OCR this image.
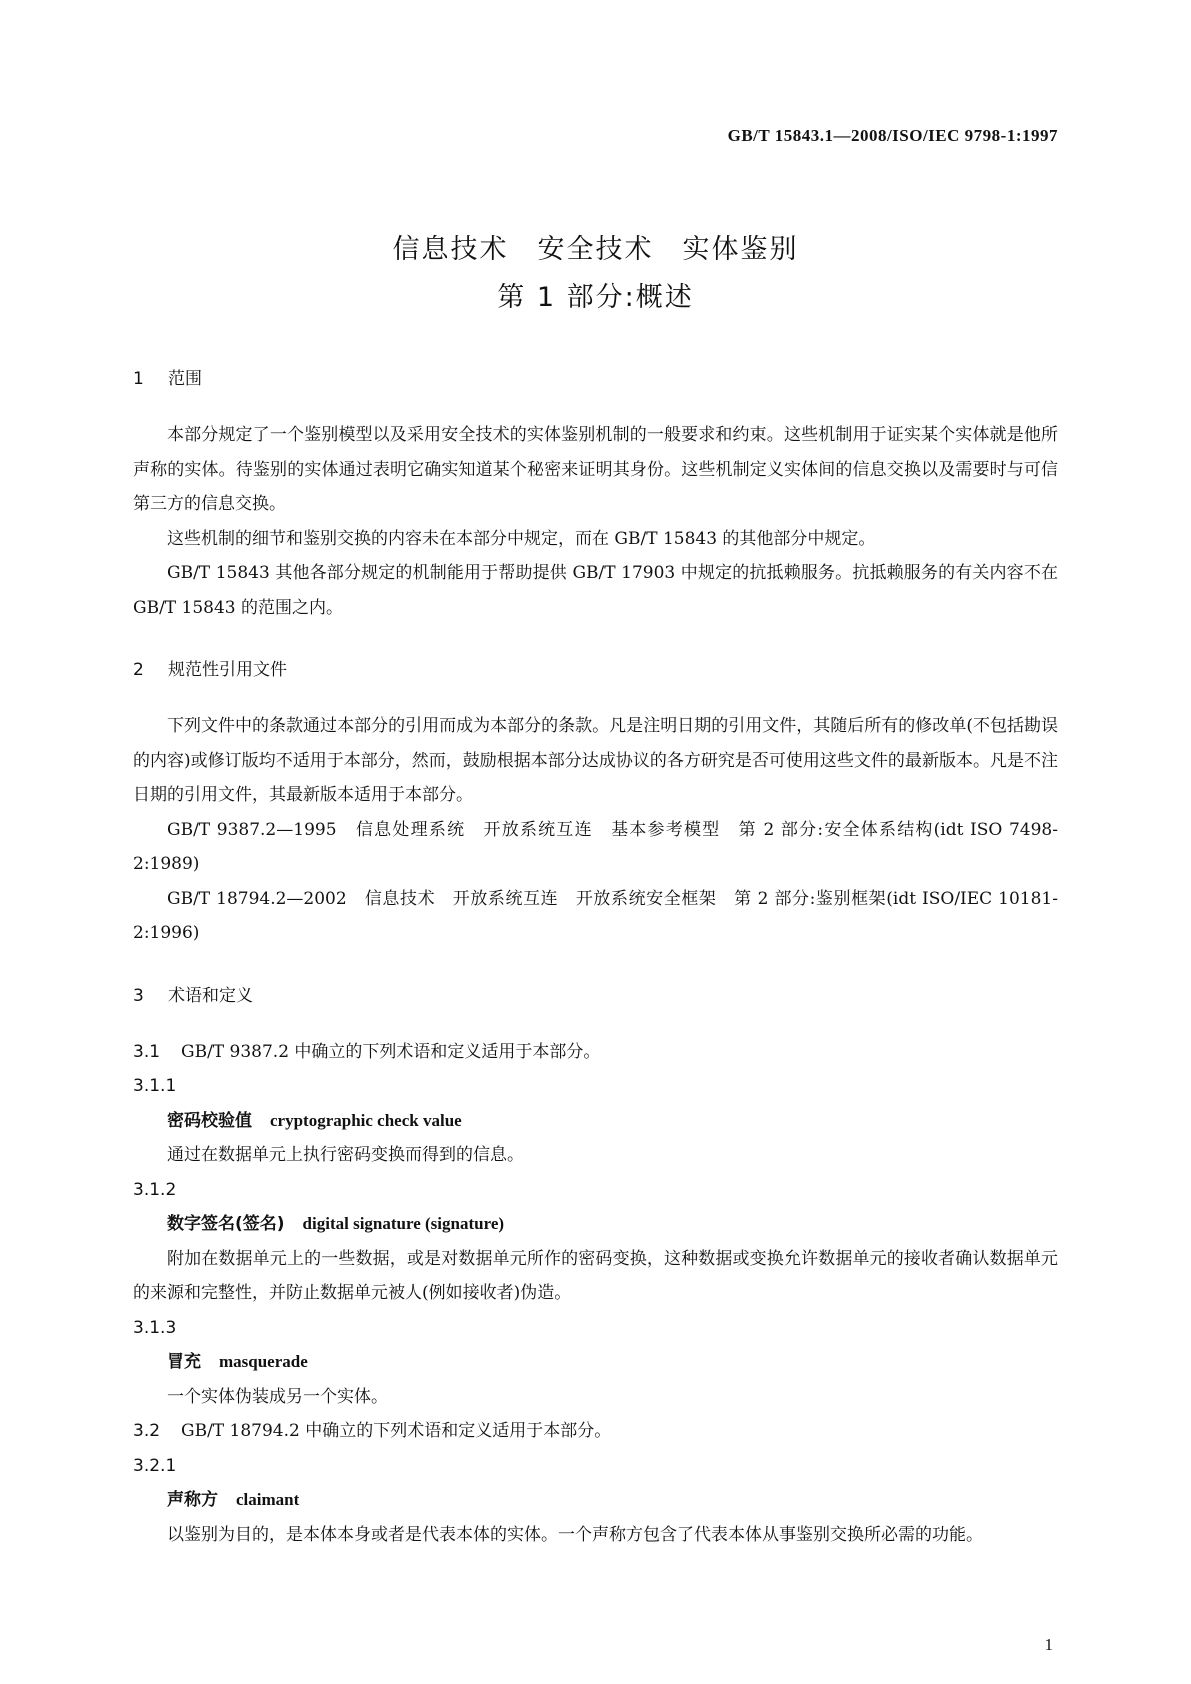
GB/T 15843.1—2008/ISO/IEC 9798-1:1997
信息技术　安全技术　实体鉴别
第 1 部分:概述
1 范围

本部分规定了一个鉴别模型以及采用安全技术的实体鉴别机制的一般要求和约束。这些机制用于证实某个实体就是他所声称的实体。待鉴别的实体通过表明它确实知道某个秘密来证明其身份。这些机制定义实体间的信息交换以及需要时与可信第三方的信息交换。

这些机制的细节和鉴别交换的内容未在本部分中规定，而在 GB/T 15843 的其他部分中规定。

GB/T 15843 其他各部分规定的机制能用于帮助提供 GB/T 17903 中规定的抗抵赖服务。抗抵赖服务的有关内容不在 GB/T 15843 的范围之内。

2 规范性引用文件

下列文件中的条款通过本部分的引用而成为本部分的条款。凡是注明日期的引用文件，其随后所有的修改单(不包括勘误的内容)或修订版均不适用于本部分，然而，鼓励根据本部分达成协议的各方研究是否可使用这些文件的最新版本。凡是不注日期的引用文件，其最新版本适用于本部分。

GB/T 9387.2—1995　信息处理系统　开放系统互连　基本参考模型　第 2 部分:安全体系结构(idt ISO 7498-2:1989)

GB/T 18794.2—2002　信息技术　开放系统互连　开放系统安全框架　第 2 部分:鉴别框架(idt ISO/IEC 10181-2:1996)

3 术语和定义
3.1 GB/T 9387.2 中确立的下列术语和定义适用于本部分。
3.1.1
密码校验值 cryptographic check value

通过在数据单元上执行密码变换而得到的信息。

3.1.2
数字签名(签名) digital signature (signature)

附加在数据单元上的一些数据，或是对数据单元所作的密码变换，这种数据或变换允许数据单元的接收者确认数据单元的来源和完整性，并防止数据单元被人(例如接收者)伪造。

3.1.3
冒充 masquerade

一个实体伪装成另一个实体。

3.2 GB/T 18794.2 中确立的下列术语和定义适用于本部分。
3.2.1
声称方 claimant

以鉴别为目的，是本体本身或者是代表本体的实体。一个声称方包含了代表本体从事鉴别交换所必需的功能。

1
